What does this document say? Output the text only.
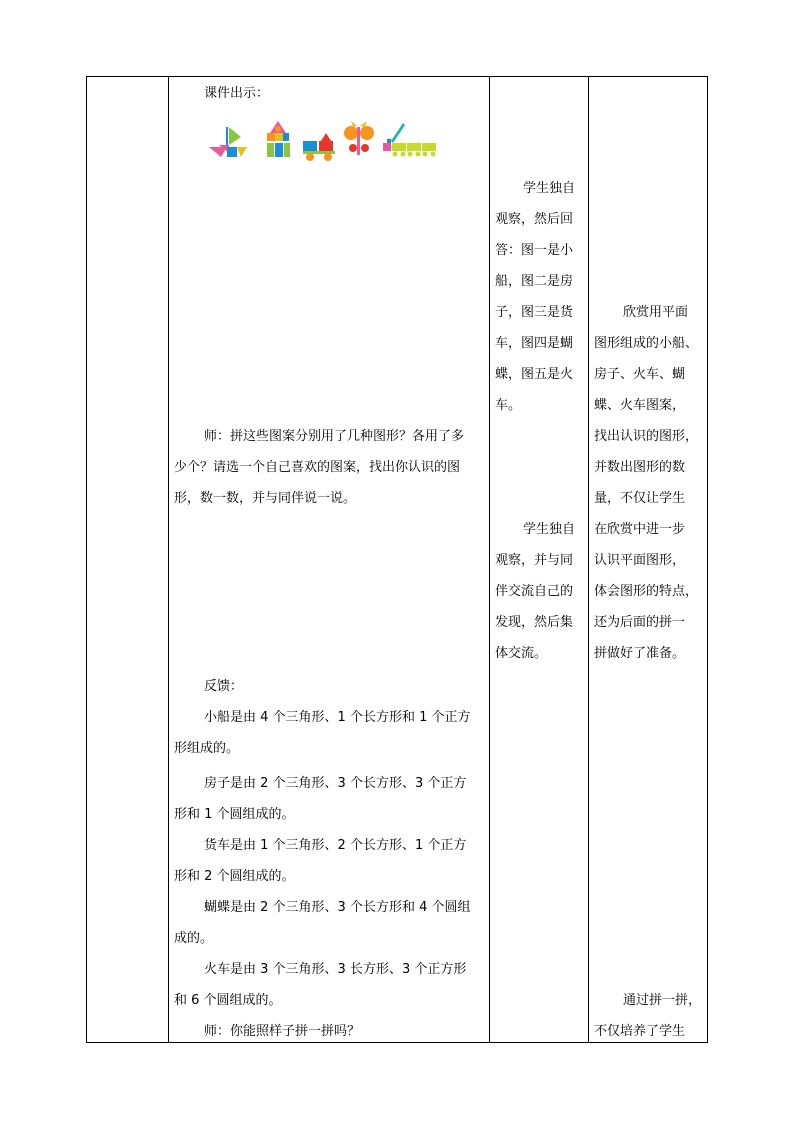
课件出示：
师：拼这些图案分别用了几种图形？各用了多
少个？请选一个自己喜欢的图案，找出你认识的图
形，数一数，并与同伴说一说。
反馈：
小船是由 4 个三角形、1 个长方形和 1 个正方
形组成的。
房子是由 2 个三角形、3 个长方形、3 个正方
形和 1 个圆组成的。
货车是由 1 个三角形、2 个长方形、1 个正方
形和 2 个圆组成的。
蝴蝶是由 2 个三角形、3 个长方形和 4 个圆组
成的。
火车是由 3 个三角形、3 长方形、3 个正方形
和 6 个圆组成的。
师：你能照样子拼一拼吗？
学生独自
观察，然后回
答：图一是小
船，图二是房
子，图三是货
车，图四是蝴
蝶，图五是火
车。
学生独自
观察，并与同
伴交流自己的
发现，然后集
体交流。
欣赏用平面
图形组成的小船、
房子、火车、蝴
蝶、火车图案，
找出认识的图形，
并数出图形的数
量，不仅让学生
在欣赏中进一步
认识平面图形，
体会图形的特点，
还为后面的拼一
拼做好了准备。
通过拼一拼，
不仅培养了学生
